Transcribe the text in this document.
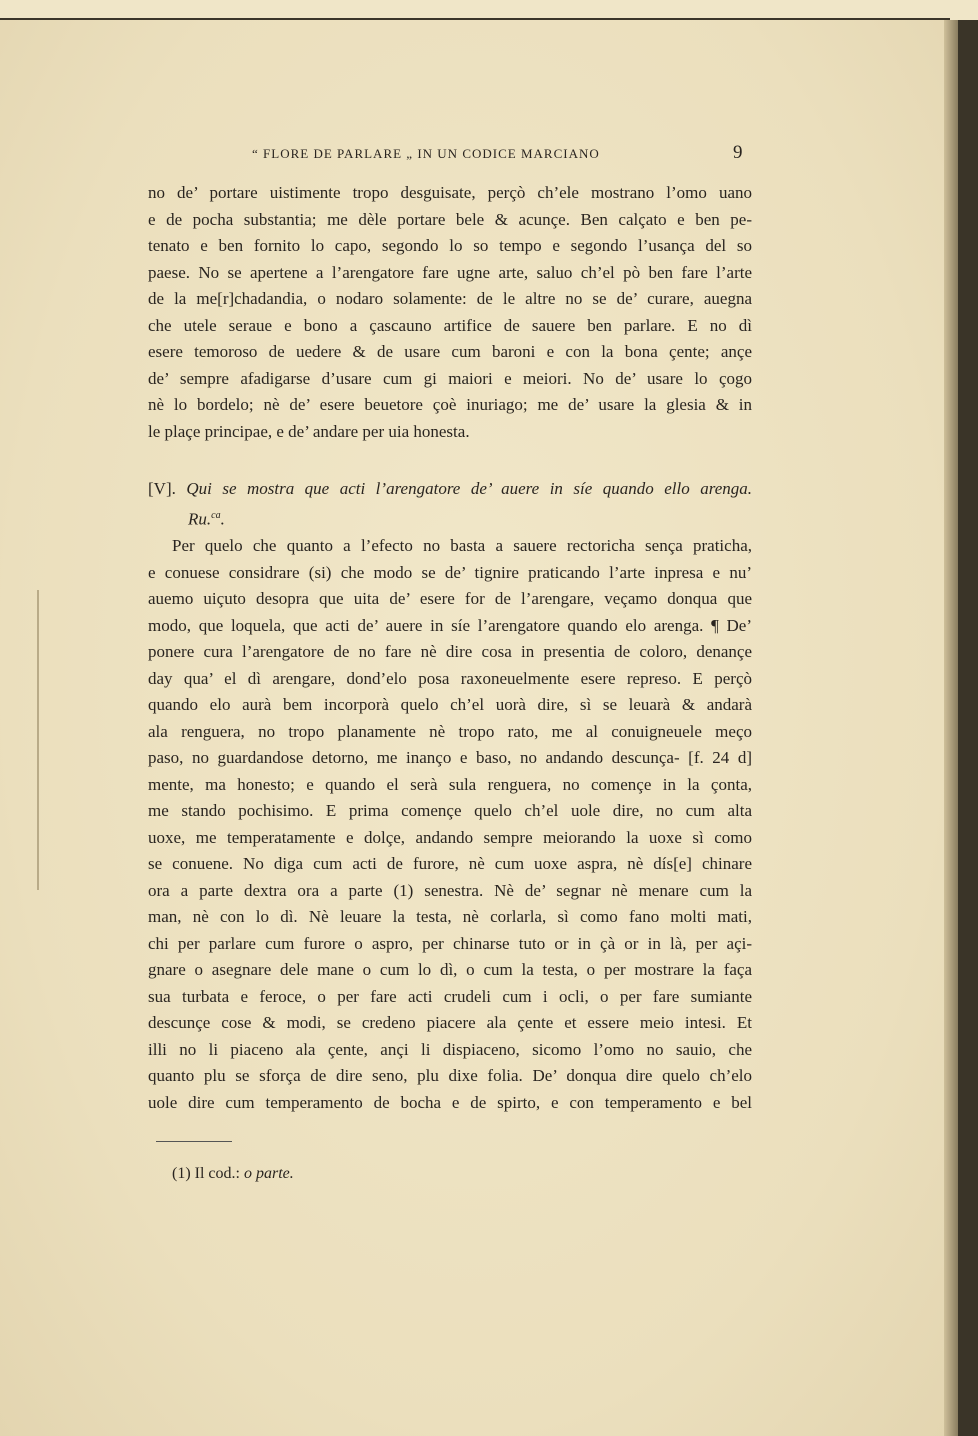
“ FLORE DE PARLARE „ IN UN CODICE MARCIANO	9
no de’ portare uistimente tropo desguisate, perçò ch’ele mostrano l’omo uano
e de pocha substantia; me dèle portare bele & acunçe. Ben calçato e ben pe-
tenato e ben fornito lo capo, segondo lo so tempo e segondo l’usança del so
paese. No se apertene a l’arengatore fare ugne arte, saluo ch’el pò ben fare l’arte
de la me[r]chadandia, o nodaro solamente: de le altre no se de’ curare, auegna
che utele seraue e bono a çascauno artifice de sauere ben parlare. E no dì
esere temoroso de uedere & de usare cum baroni e con la bona çente; ançe
de’ sempre afadigarse d’usare cum gi maiori e meiori. No de’ usare lo çogo
nè lo bordelo; nè de’ esere beuetore çoè inuriago; me de’ usare la glesia & in
le plaçe principae, e de’ andare per uia honesta.
[V]. Qui se mostra que acti l’arengatore de’ auere in síe quando ello arenga.
Ru.$^{ca}$.
Per quelo che quanto a l’efecto no basta a sauere rectoricha sença praticha,
e conuese considrare (si) che modo se de’ tignire praticando l’arte inpresa e nu’
auemo uiçuto desopra que uita de’ esere for de l’arengare, veçamo donqua que
modo, que loquela, que acti de’ auere in síe l’arengatore quando elo arenga. ¶ De’
ponere cura l’arengatore de no fare nè dire cosa in presentia de coloro, denançe
day qua’ el dì arengare, dond’elo posa raxoneuelmente esere represo. E perçò
quando elo aurà bem incorporà quelo ch’el uorà dire, sì se leuarà & andarà
ala renguera, no tropo planamente nè tropo rato, me al conuigneuele meço
paso, no guardandose detorno, me inanço e baso, no andando descunça- [f. 24 d]
mente, ma honesto; e quando el serà sula renguera, no començe in la çonta,
me stando pochisimo. E prima començe quelo ch’el uole dire, no cum alta
uoxe, me temperatamente e dolçe, andando sempre meiorando la uoxe sì como
se conuene. No diga cum acti de furore, nè cum uoxe aspra, nè dís[e] chinare
ora a parte dextra ora a parte (1) senestra. Nè de’ segnar nè menare cum la
man, nè con lo dì. Nè leuare la testa, nè corlarla, sì como fano molti mati,
chi per parlare cum furore o aspro, per chinarse tuto or in çà or in là, per açi-
gnare o asegnare dele mane o cum lo dì, o cum la testa, o per mostrare la faça
sua turbata e feroce, o per fare acti crudeli cum i ocli, o per fare sumiante
descunçe cose & modi, se credeno piacere ala çente et essere meio intesi. Et
illi no li piaceno ala çente, ançi li dispiaceno, sicomo l’omo no sauio, che
quanto plu se sforça de dire seno, plu dixe folia. De’ donqua dire quelo ch’elo
uole dire cum temperamento de bocha e de spirto, e con temperamento e bel
(1) Il cod.: o parte.
